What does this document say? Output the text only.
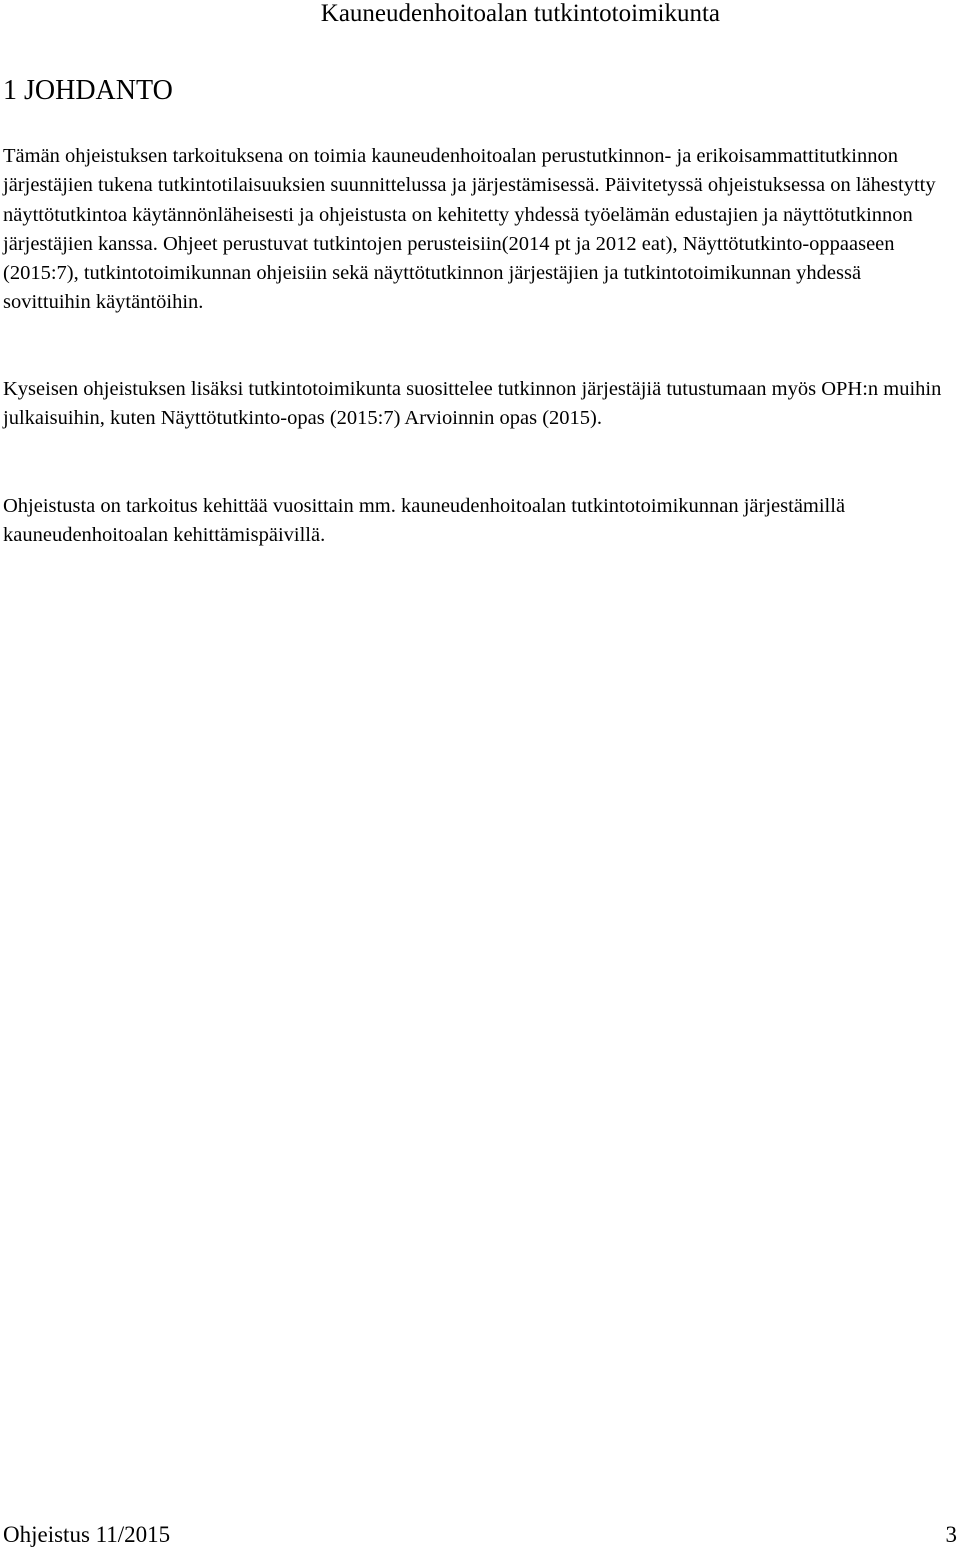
Kauneudenhoitoalan tutkintotoimikunta
1 JOHDANTO

Tämän ohjeistuksen tarkoituksena on toimia kauneudenhoitoalan perustutkinnon- ja erikoisammattitutkinnon järjestäjien tukena tutkintotilaisuuksien suunnittelussa ja järjestämisessä. Päivitetyssä ohjeistuksessa on lähestytty näyttötutkintoa käytännönläheisesti ja ohjeistusta on kehitetty yhdessä työelämän edustajien ja näyttötutkinnon järjestäjien kanssa. Ohjeet perustuvat tutkintojen perusteisiin(2014 pt ja 2012 eat), Näyttötutkinto-oppaaseen (2015:7), tutkintotoimikunnan ohjeisiin sekä näyttötutkinnon järjestäjien ja tutkintotoimikunnan yhdessä sovittuihin käytäntöihin.

Kyseisen ohjeistuksen lisäksi tutkintotoimikunta suosittelee tutkinnon järjestäjiä tutustumaan myös OPH:n muihin julkaisuihin, kuten Näyttötutkinto-opas (2015:7) Arvioinnin opas (2015).

Ohjeistusta on tarkoitus kehittää vuosittain mm. kauneudenhoitoalan tutkintotoimikunnan järjestämillä kauneudenhoitoalan kehittämispäivillä.

Ohjeistus 11/2015	3
